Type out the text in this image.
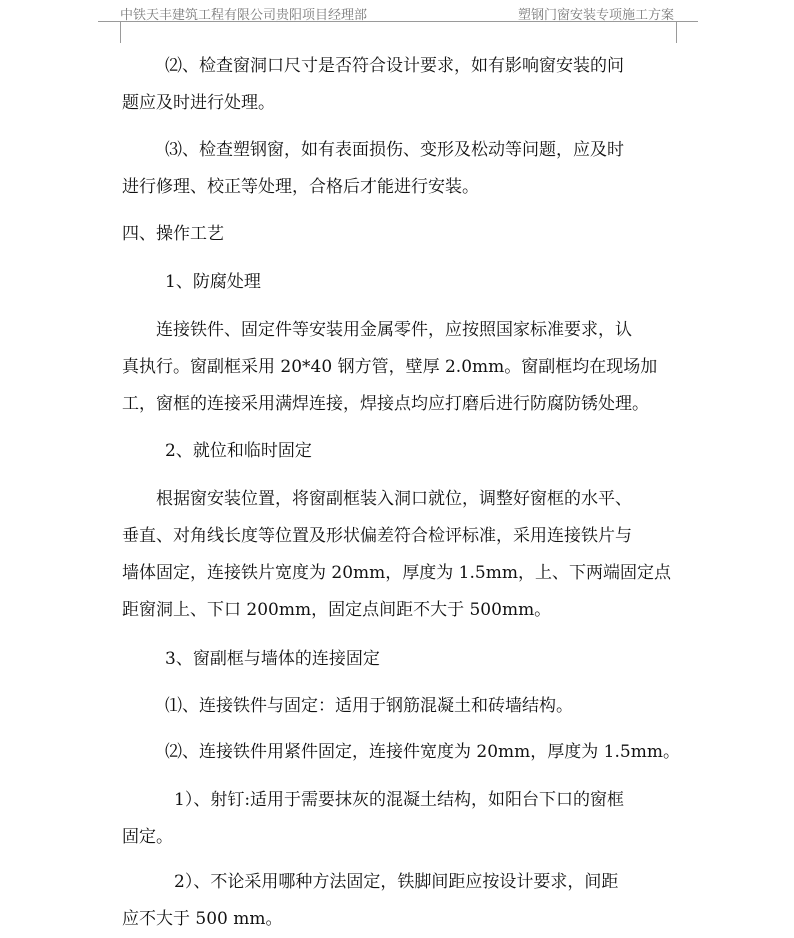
中铁天丰建筑工程有限公司贵阳项目经理部	塑钢门窗安装专项施工方案

⑵、检查窗洞口尺寸是否符合设计要求，如有影响窗安装的问
题应及时进行处理。

⑶、检查塑钢窗，如有表面损伤、变形及松动等问题，应及时
进行修理、校正等处理，合格后才能进行安装。

四、操作工艺

1、防腐处理

连接铁件、固定件等安装用金属零件，应按照国家标准要求，认
真执行。窗副框采用 20*40 钢方管，壁厚 2.0mm。窗副框均在现场加
工，窗框的连接采用满焊连接，焊接点均应打磨后进行防腐防锈处理。

2、就位和临时固定

根据窗安装位置，将窗副框装入洞口就位，调整好窗框的水平、
垂直、对角线长度等位置及形状偏差符合检评标准，采用连接铁片与
墙体固定，连接铁片宽度为 20mm，厚度为 1.5mm，上、下两端固定点
距窗洞上、下口 200mm，固定点间距不大于 500mm。

3、窗副框与墙体的连接固定

⑴、连接铁件与固定：适用于钢筋混凝土和砖墙结构。

⑵、连接铁件用紧件固定，连接件宽度为 20mm，厚度为 1.5mm。

1）、射钉:适用于需要抹灰的混凝土结构，如阳台下口的窗框
固定。

2）、不论采用哪种方法固定，铁脚间距应按设计要求，间距
应不大于 500 mm。
